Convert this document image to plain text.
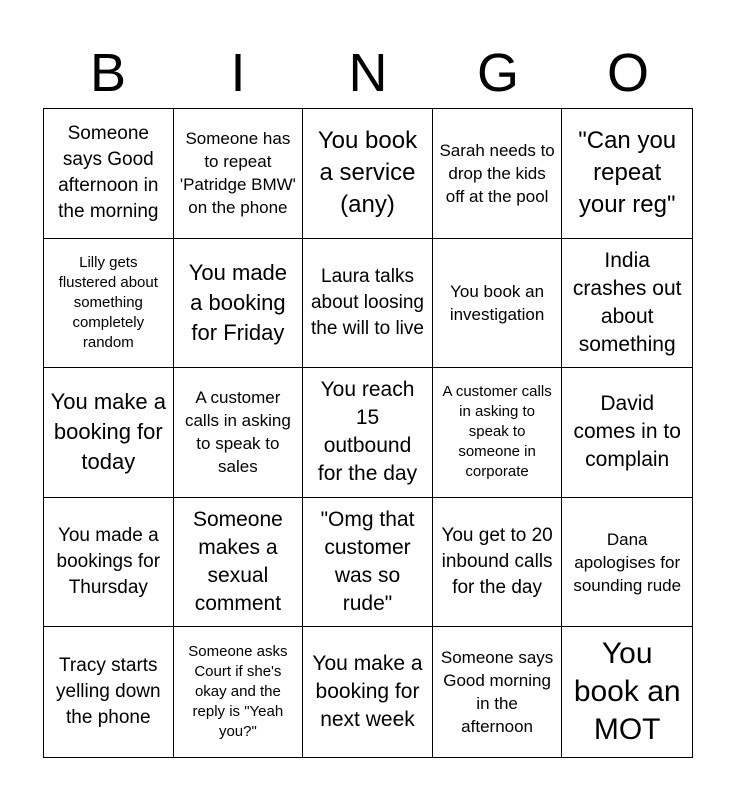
B	I	N	G	O
Someone says Good afternoon in the morning
Someone has to repeat 'Patridge BMW' on the phone
You book a service (any)
Sarah needs to drop the kids off at the pool
"Can you repeat your reg"
Lilly gets flustered about something completely random
You made a booking for Friday
Laura talks about loosing the will to live
You book an investigation
India crashes out about something
You make a booking for today
A customer calls in asking to speak to sales
You reach 15 outbound for the day
A customer calls in asking to speak to someone in corporate
David comes in to complain
You made a bookings for Thursday
Someone makes a sexual comment
"Omg that customer was so rude"
You get to 20 inbound calls for the day
Dana apologises for sounding rude
Tracy starts yelling down the phone
Someone asks Court if she's okay and the reply is "Yeah you?"
You make a booking for next week
Someone says Good morning in the afternoon
You book an MOT
